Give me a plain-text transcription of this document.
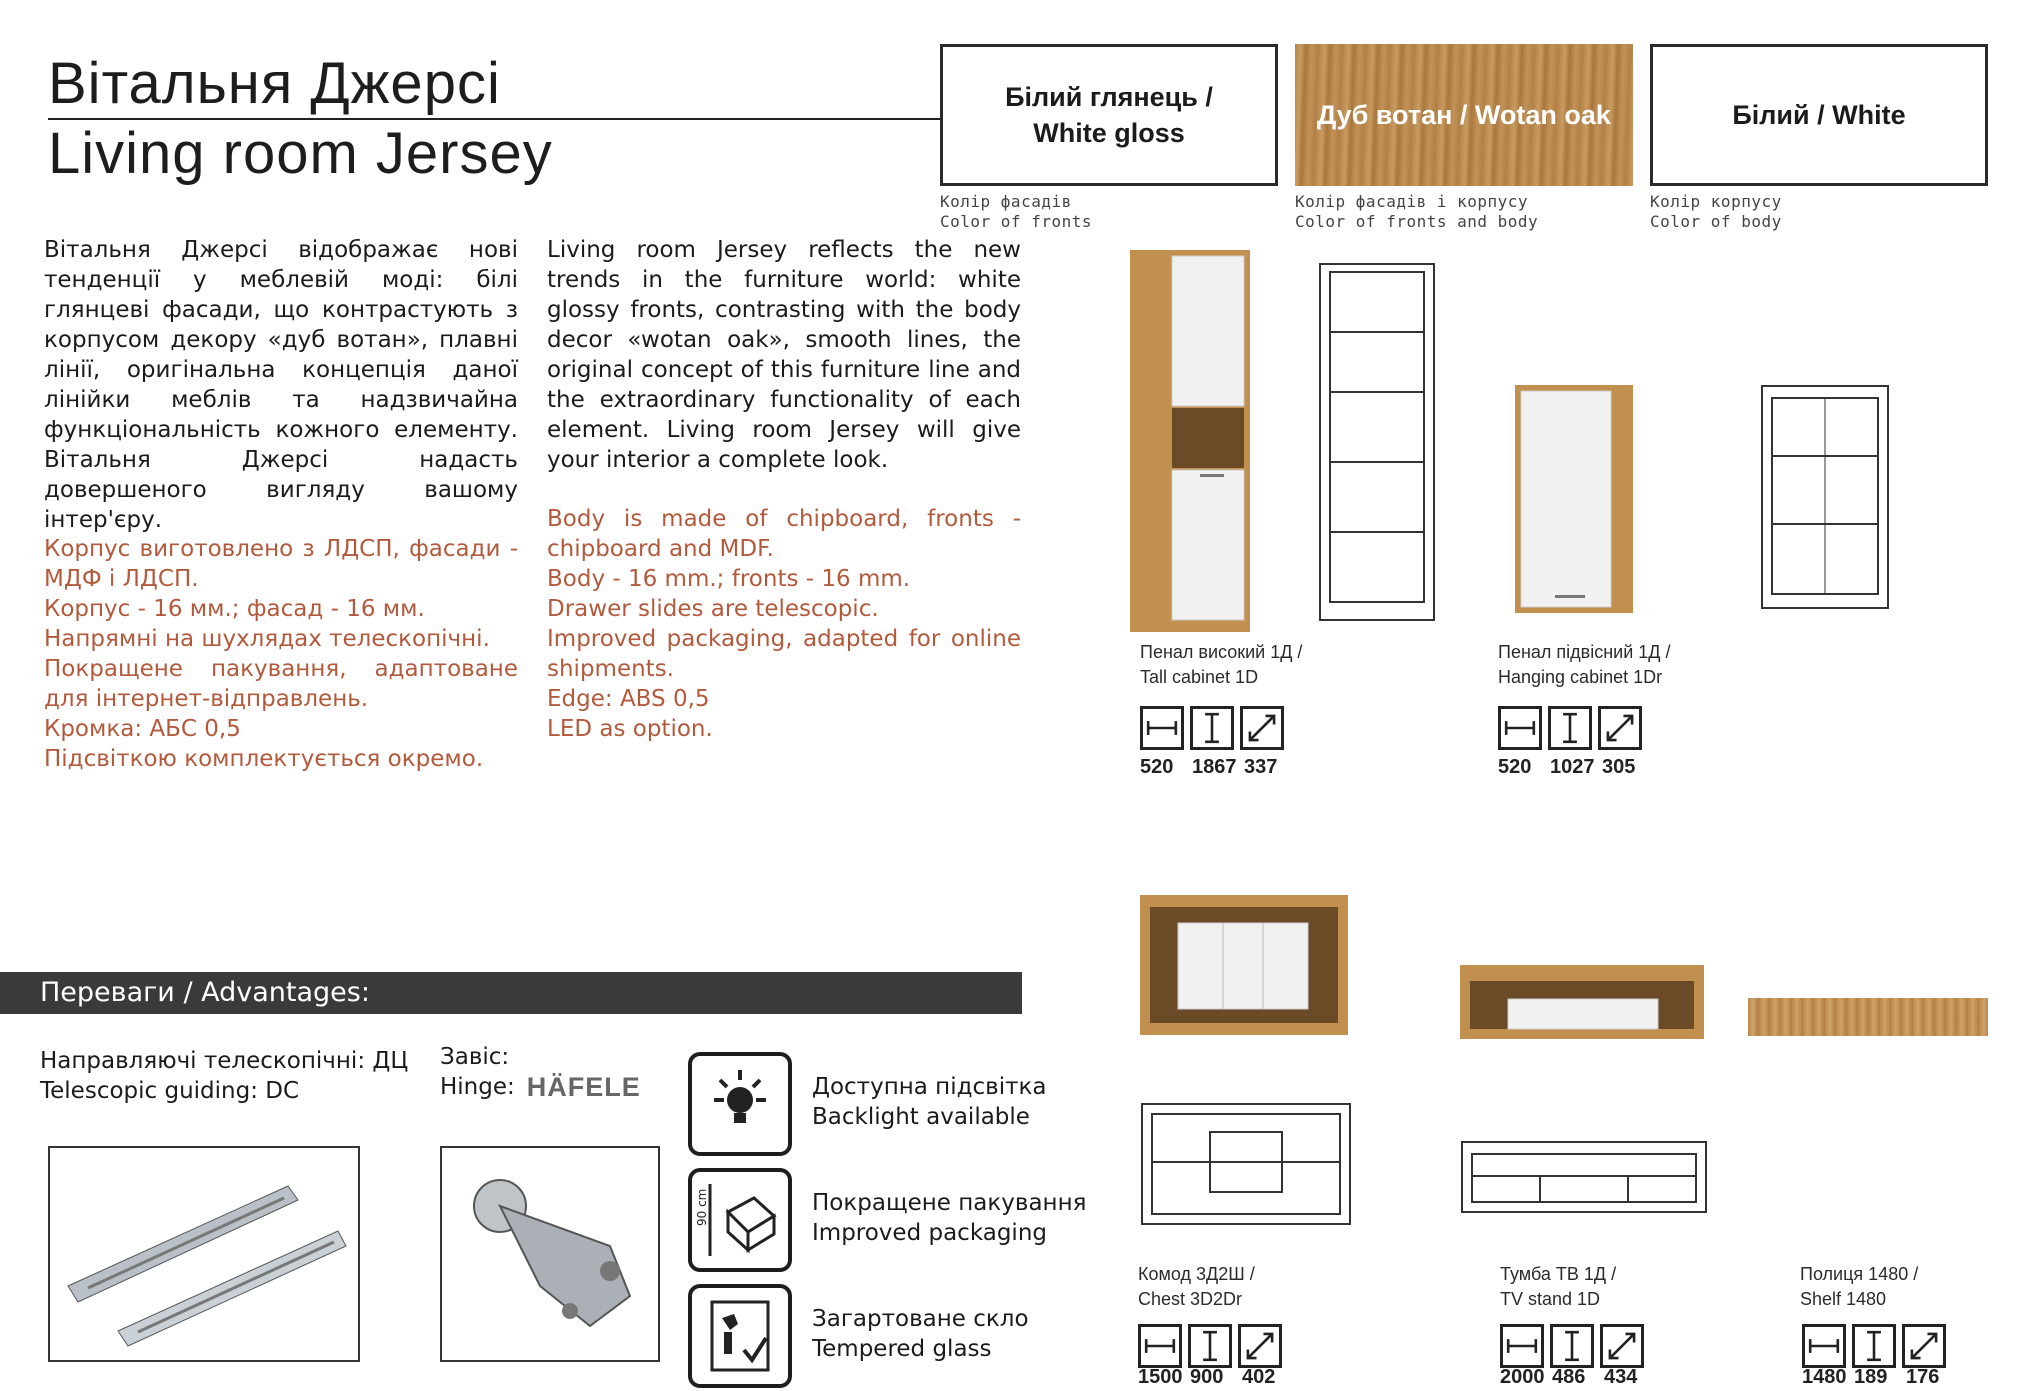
Вітальня Джерсі
Living room Jersey
Білий глянець / White gloss
Дуб вотан / Wotan oak	Білий / White
Колір фасадів
Color of fronts
Колір фасадів і корпусу
Color of fronts and body
Колір корпусу
Color of body
Вітальня Джерсі відображає нові тенденції у меблевій моді: білі глянцеві фасади, що контрастують з корпусом декору «дуб вотан», плавні лінії, оригінальна концепція даної лінійки меблів та надзвичайна функціональність кожного елементу. Вітальня Джерсі надасть довершеного вигляду вашому інтер'єру.
Living room Jersey reflects the new trends in the furniture world: white glossy fronts, contrasting with the body decor «wotan oak», smooth lines, the original concept of this furniture line and the extraordinary functionality of each element. Living room Jersey will give your interior a complete look.
Корпус виготовлено з ЛДСП, фасади - МДФ і ЛДСП.
Корпус - 16 мм.; фасад - 16 мм.
Напрямні на шухлядах телескопічні.
Покращене пакування, адаптоване для інтернет-відправлень.
Кромка: АБС 0,5
Підсвіткою комплектується окремо.
Body is made of chipboard, fronts - chipboard and MDF.
Body - 16 mm.; fronts - 16 mm.
Drawer slides are telescopic.
Improved packaging, adapted for online shipments.
Edge: ABS 0,5
LED as option.
Пенал високий 1Д /
Tall cabinet 1D
Пенал підвісний 1Д /
Hanging cabinet 1Dr
520 1867 337	520 1027 305
Комод 3Д2Ш /
Chest 3D2Dr
Тумба ТВ 1Д /
TV stand 1D
Полиця 1480 /
Shelf 1480
1500 900 402	2000 486 434	1480 189 176
Переваги / Advantages:
Направляючі телескопічні: ДЦ
Telescopic guiding: DC
Завіс:
Hinge: HÄFELE	Доступна підсвітка
Backlight available
90 cm	Покращене пакування
Improved packaging
Загартоване скло
Tempered glass
